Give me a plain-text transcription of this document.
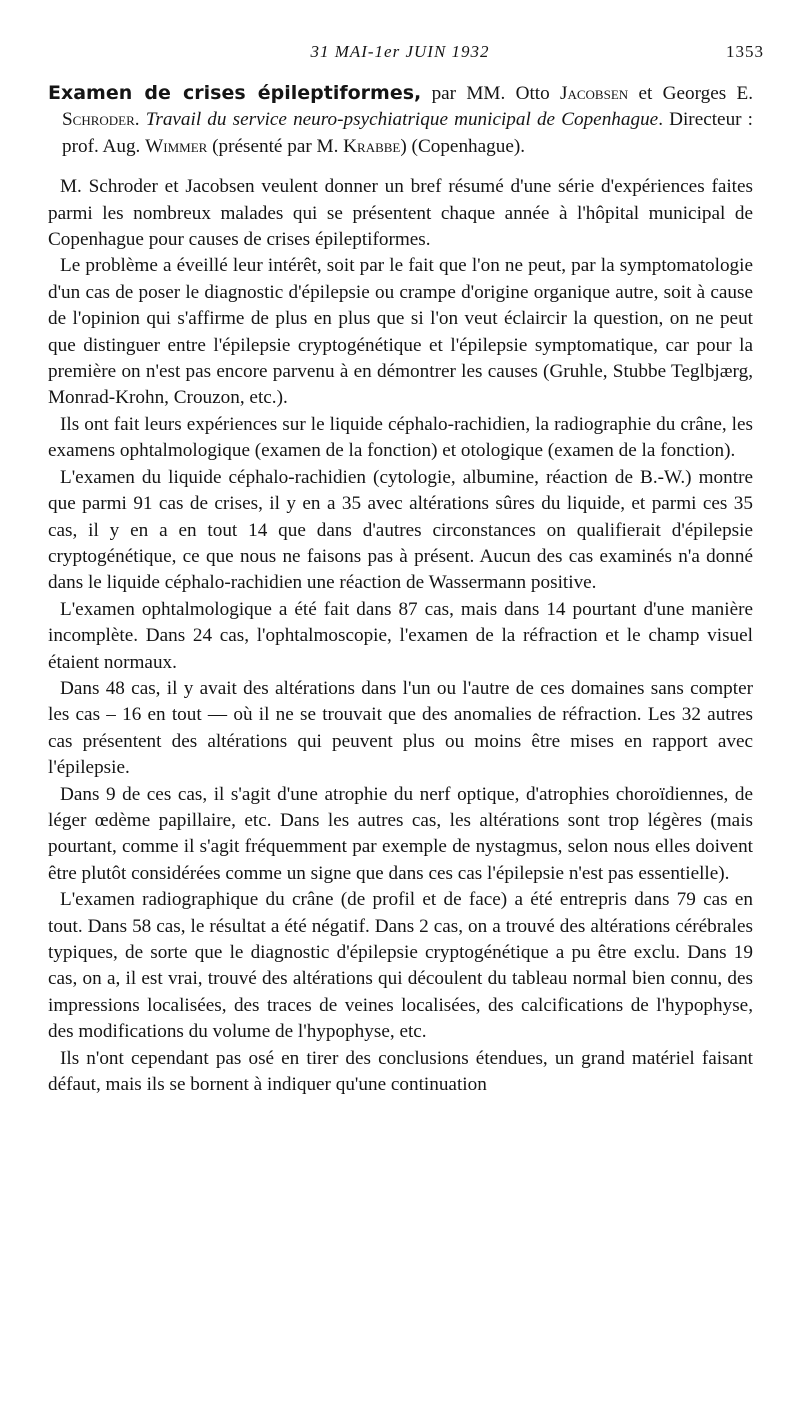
31 MAI-1er JUIN 1932	1353

Examen de crises épileptiformes, par MM. Otto Jacobsen et Georges E. Schroder. Travail du service neuro-psychiatrique municipal de Copenhague. Directeur : prof. Aug. Wimmer (présenté par M. Krabbe) (Copenhague).

M. Schroder et Jacobsen veulent donner un bref résumé d'une série d'expériences faites parmi les nombreux malades qui se présentent chaque année à l'hôpital municipal de Copenhague pour causes de crises épileptiformes.

Le problème a éveillé leur intérêt, soit par le fait que l'on ne peut, par la symptomatologie d'un cas de poser le diagnostic d'épilepsie ou crampe d'origine organique autre, soit à cause de l'opinion qui s'affirme de plus en plus que si l'on veut éclaircir la question, on ne peut que distinguer entre l'épilepsie cryptogénétique et l'épilepsie symptomatique, car pour la première on n'est pas encore parvenu à en démontrer les causes (Gruhle, Stubbe Teglbjærg, Monrad-Krohn, Crouzon, etc.).

Ils ont fait leurs expériences sur le liquide céphalo-rachidien, la radiographie du crâne, les examens ophtalmologique (examen de la fonction) et otologique (examen de la fonction).

L'examen du liquide céphalo-rachidien (cytologie, albumine, réaction de B.-W.) montre que parmi 91 cas de crises, il y en a 35 avec altérations sûres du liquide, et parmi ces 35 cas, il y en a en tout 14 que dans d'autres circonstances on qualifierait d'épilepsie cryptogénétique, ce que nous ne faisons pas à présent. Aucun des cas examinés n'a donné dans le liquide céphalo-rachidien une réaction de Wassermann positive.

L'examen ophtalmologique a été fait dans 87 cas, mais dans 14 pourtant d'une manière incomplète. Dans 24 cas, l'ophtalmoscopie, l'examen de la réfraction et le champ visuel étaient normaux.

Dans 48 cas, il y avait des altérations dans l'un ou l'autre de ces domaines sans compter les cas – 16 en tout — où il ne se trouvait que des anomalies de réfraction. Les 32 autres cas présentent des altérations qui peuvent plus ou moins être mises en rapport avec l'épilepsie.

Dans 9 de ces cas, il s'agit d'une atrophie du nerf optique, d'atrophies choroïdiennes, de léger œdème papillaire, etc. Dans les autres cas, les altérations sont trop légères (mais pourtant, comme il s'agit fréquemment par exemple de nystagmus, selon nous elles doivent être plutôt considérées comme un signe que dans ces cas l'épilepsie n'est pas essentielle).

L'examen radiographique du crâne (de profil et de face) a été entrepris dans 79 cas en tout. Dans 58 cas, le résultat a été négatif. Dans 2 cas, on a trouvé des altérations cérébrales typiques, de sorte que le diagnostic d'épilepsie cryptogénétique a pu être exclu. Dans 19 cas, on a, il est vrai, trouvé des altérations qui découlent du tableau normal bien connu, des impressions localisées, des traces de veines localisées, des calcifications de l'hypophyse, des modifications du volume de l'hypophyse, etc.

Ils n'ont cependant pas osé en tirer des conclusions étendues, un grand matériel faisant défaut, mais ils se bornent à indiquer qu'une continuation
